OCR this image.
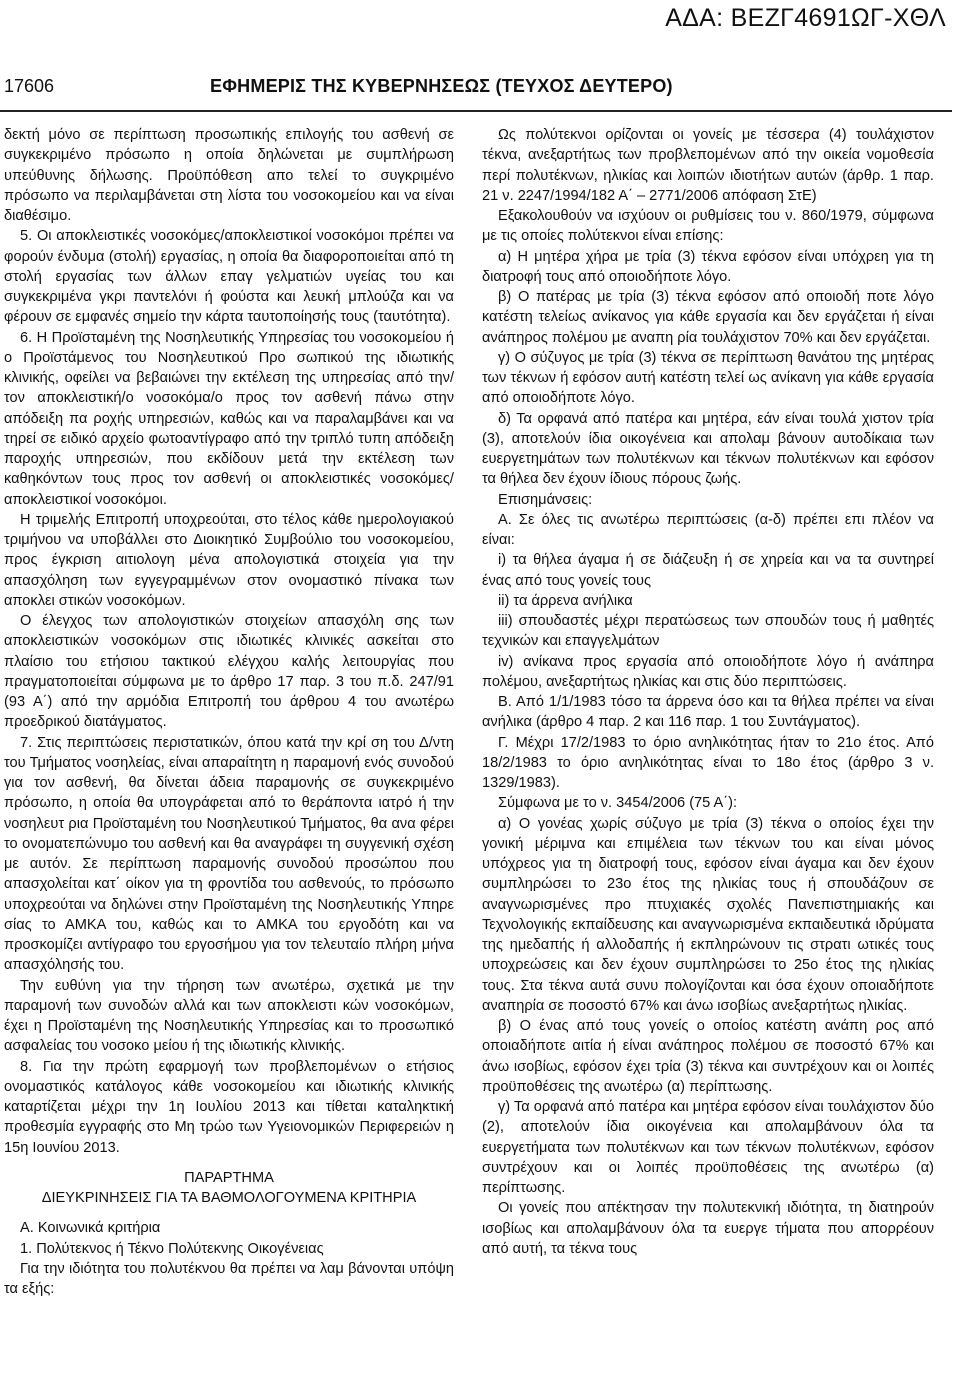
ΑΔΑ: ΒΕΖΓ4691ΩΓ-ΧΘΛ
17606	ΕΦΗΜΕΡΙΣ ΤΗΣ ΚΥΒΕΡΝΗΣΕΩΣ (ΤΕΥΧΟΣ ΔΕΥΤΕΡΟ)

δεκτή μόνο σε περίπτωση προσωπικής επιλογής του ασθενή σε συγκεκριμένο πρόσωπο η οποία δηλώνεται με συμπλήρωση υπεύθυνης δήλωσης. Προϋπόθεση απο τελεί το συγκριμένο πρόσωπο να περιλαμβάνεται στη λίστα του νοσοκομείου και να είναι διαθέσιμο.

5. Οι αποκλειστικές νοσοκόμες/αποκλειστικοί νοσοκόμοι πρέπει να φορούν ένδυμα (στολή) εργασίας, η οποία θα διαφοροποιείται από τη στολή εργασίας των άλλων επαγ γελματιών υγείας του και συγκεκριμένα γκρι παντελόνι ή φούστα και λευκή μπλούζα και να φέρουν σε εμφανές σημείο την κάρτα ταυτοποίησής τους (ταυτότητα).

6. Η Προϊσταμένη της Νοσηλευτικής Υπηρεσίας του νοσοκομείου ή ο Προϊστάμενος του Νοσηλευτικού Προ σωπικού της ιδιωτικής κλινικής, οφείλει να βεβαιώνει την εκτέλεση της υπηρεσίας από την/τον αποκλειστική/ο νοσοκόμα/ο προς τον ασθενή πάνω στην απόδειξη πα ροχής υπηρεσιών, καθώς και να παραλαμβάνει και να τηρεί σε ειδικό αρχείο φωτοαντίγραφο από την τριπλό τυπη απόδειξη παροχής υπηρεσιών, που εκδίδουν μετά την εκτέλεση των καθηκόντων τους προς τον ασθενή οι αποκλειστικές νοσοκόμες/αποκλειστικοί νοσοκόμοι.

Η τριμελής Επιτροπή υποχρεούται, στο τέλος κάθε ημερολογιακού τριμήνου να υποβάλλει στο Διοικητικό Συμβούλιο του νοσοκομείου, προς έγκριση αιτιολογη μένα απολογιστικά στοιχεία για την απασχόληση των εγγεγραμμένων στον ονομαστικό πίνακα των αποκλει στικών νοσοκόμων.

Ο έλεγχος των απολογιστικών στοιχείων απασχόλη σης των αποκλειστικών νοσοκόμων στις ιδιωτικές κλινικές ασκείται στο πλαίσιο του ετήσιου τακτικού ελέγχου καλής λειτουργίας που πραγματοποιείται σύμφωνα με το άρθρο 17 παρ. 3 του π.δ. 247/91 (93 Α΄) από την αρμόδια Επιτροπή του άρθρου 4 του ανωτέρω προεδρικού διατάγματος.

7. Στις περιπτώσεις περιστατικών, όπου κατά την κρί ση του Δ/ντη του Τμήματος νοσηλείας, είναι απαραίτητη η παραμονή ενός συνοδού για τον ασθενή, θα δίνεται άδεια παραμονής σε συγκεκριμένο πρόσωπο, η οποία θα υπογράφεται από το θεράποντα ιατρό ή την νοσηλευτ ρια Προϊσταμένη του Νοσηλευτικού Τμήματος, θα ανα φέρει το ονοματεπώνυμο του ασθενή και θα αναγράφει τη συγγενική σχέση με αυτόν. Σε περίπτωση παραμονής συνοδού προσώπου που απασχολείται κατ΄ οίκον για τη φροντίδα του ασθενούς, το πρόσωπο υποχρεούται να δηλώνει στην Προϊσταμένη της Νοσηλευτικής Υπηρε σίας το ΑΜΚΑ του, καθώς και το ΑΜΚΑ του εργοδότη και να προσκομίζει αντίγραφο του εργοσήμου για τον τελευταίο πλήρη μήνα απασχόλησής του.

Την ευθύνη για την τήρηση των ανωτέρω, σχετικά με την παραμονή των συνοδών αλλά και των αποκλειστι κών νοσοκόμων, έχει η Προϊσταμένη της Νοσηλευτικής Υπηρεσίας και το προσωπικό ασφαλείας του νοσοκο μείου ή της ιδιωτικής κλινικής.

8. Για την πρώτη εφαρμογή των προβλεπομένων ο ετήσιος ονομαστικός κατάλογος κάθε νοσοκομείου και ιδιωτικής κλινικής καταρτίζεται μέχρι την 1η Ιουλίου 2013 και τίθεται καταληκτική προθεσμία εγγραφής στο Μη τρώο των Υγειονομικών Περιφερειών η 15η Ιουνίου 2013.

ΠΑΡΑΡΤΗΜΑ

ΔΙΕΥΚΡΙΝΗΣΕΙΣ ΓΙΑ ΤΑ ΒΑΘΜΟΛΟΓΟΥΜΕΝΑ ΚΡΙΤΗΡΙΑ

Α. Κοινωνικά κριτήρια

1. Πολύτεκνος ή Τέκνο Πολύτεκνης Οικογένειας

Για την ιδιότητα του πολυτέκνου θα πρέπει να λαμ βάνονται υπόψη τα εξής:

Ως πολύτεκνοι ορίζονται οι γονείς με τέσσερα (4) τουλάχιστον τέκνα, ανεξαρτήτως των προβλεπομένων από την οικεία νομοθεσία περί πολυτέκνων, ηλικίας και λοιπών ιδιοτήτων αυτών (άρθρ. 1 παρ. 21 ν. 2247/1994/182 Α΄ – 2771/2006 απόφαση ΣτΕ)

Εξακολουθούν να ισχύουν οι ρυθμίσεις του ν. 860/1979, σύμφωνα με τις οποίες πολύτεκνοι είναι επίσης:

α) Η μητέρα χήρα με τρία (3) τέκνα εφόσον είναι υπόχρεη για τη διατροφή τους από οποιοδήποτε λόγο.

β) Ο πατέρας με τρία (3) τέκνα εφόσον από οποιοδή ποτε λόγο κατέστη τελείως ανίκανος για κάθε εργασία και δεν εργάζεται ή είναι ανάπηρος πολέμου με αναπη ρία τουλάχιστον 70% και δεν εργάζεται.

γ) Ο σύζυγος με τρία (3) τέκνα σε περίπτωση θανάτου της μητέρας των τέκνων ή εφόσον αυτή κατέστη τελεί ως ανίκανη για κάθε εργασία από οποιοδήποτε λόγο.

δ) Τα ορφανά από πατέρα και μητέρα, εάν είναι τουλά χιστον τρία (3), αποτελούν ίδια οικογένεια και απολαμ βάνουν αυτοδίκαια των ευεργετημάτων των πολυτέκνων και τέκνων πολυτέκνων και εφόσον τα θήλεα δεν έχουν ίδιους πόρους ζωής.

Επισημάνσεις:

Α. Σε όλες τις ανωτέρω περιπτώσεις (α-δ) πρέπει επι πλέον να είναι:

i) τα θήλεα άγαμα ή σε διάζευξη ή σε χηρεία και να τα συντηρεί ένας από τους γονείς τους

ii) τα άρρενα ανήλικα

iii) σπουδαστές μέχρι περατώσεως των σπουδών τους ή μαθητές τεχνικών και επαγγελμάτων

iv) ανίκανα προς εργασία από οποιοδήποτε λόγο ή ανάπηρα πολέμου, ανεξαρτήτως ηλικίας και στις δύο περιπτώσεις.

Β. Από 1/1/1983 τόσο τα άρρενα όσο και τα θήλεα πρέπει να είναι ανήλικα (άρθρο 4 παρ. 2 και 116 παρ. 1 του Συντάγματος).

Γ. Μέχρι 17/2/1983 το όριο ανηλικότητας ήταν το 21ο έτος. Από 18/2/1983 το όριο ανηλικότητας είναι το 18ο έτος (άρθρο 3 ν. 1329/1983).

Σύμφωνα με το ν. 3454/2006 (75 Α΄):

α) Ο γονέας χωρίς σύζυγο με τρία (3) τέκνα ο οποίος έχει την γονική μέριμνα και επιμέλεια των τέκνων του και είναι μόνος υπόχρεος για τη διατροφή τους, εφόσον είναι άγαμα και δεν έχουν συμπληρώσει το 23ο έτος της ηλικίας τους ή σπουδάζουν σε αναγνωρισμένες προ πτυχιακές σχολές Πανεπιστημιακής και Τεχνολογικής εκπαίδευσης και αναγνωρισμένα εκπαιδευτικά ιδρύματα της ημεδαπής ή αλλοδαπής ή εκπληρώνουν τις στρατι ωτικές τους υποχρεώσεις και δεν έχουν συμπληρώσει το 25ο έτος της ηλικίας τους. Στα τέκνα αυτά συνυ πολογίζονται και όσα έχουν οποιαδήποτε αναπηρία σε ποσοστό 67% και άνω ισοβίως ανεξαρτήτως ηλικίας.

β) Ο ένας από τους γονείς ο οποίος κατέστη ανάπη ρος από οποιαδήποτε αιτία ή είναι ανάπηρος πολέμου σε ποσοστό 67% και άνω ισοβίως, εφόσον έχει τρία (3) τέκνα και συντρέχουν και οι λοιπές προϋποθέσεις της ανωτέρω (α) περίπτωσης.

γ) Τα ορφανά από πατέρα και μητέρα εφόσον είναι τουλάχιστον δύο (2), αποτελούν ίδια οικογένεια και απολαμβάνουν όλα τα ευεργετήματα των πολυτέκνων και των τέκνων πολυτέκνων, εφόσον συντρέχουν και οι λοιπές προϋποθέσεις της ανωτέρω (α) περίπτωσης.

Οι γονείς που απέκτησαν την πολυτεκνική ιδιότητα, τη διατηρούν ισοβίως και απολαμβάνουν όλα τα ευεργε τήματα που απορρέουν από αυτή, τα τέκνα τους
